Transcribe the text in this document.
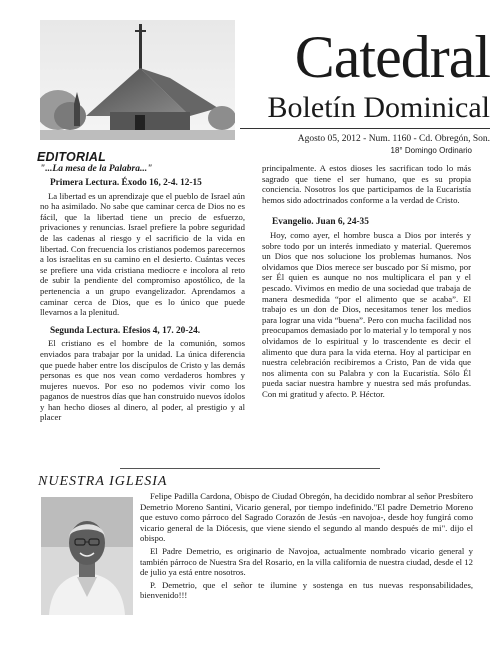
Catedral
Boletín Dominical
Agosto 05, 2012 - Num. 1160 - Cd. Obregón, Son.
18° Domingo Ordinario
EDITORIAL
"...La mesa de la Palabra..."
Primera Lectura. Éxodo 16, 2-4. 12-15

La libertad es un aprendizaje que el pueblo de Israel aún no ha asimilado. No sabe que caminar cerca de Dios no es fácil, que la libertad tiene un precio de esfuerzo, privaciones y renuncias. Israel prefiere la pobre seguridad de las cadenas al riesgo y el sacrificio de la vida en libertad. Con frecuencia los cristianos podemos parecernos a los israelitas en su camino en el desierto. Cuántas veces se prefiere una vida cristiana mediocre e incolora al reto de subir la pendiente del compromiso apostólico, de la pertenencia a un grupo evangelizador. Aprendamos a caminar cerca de Dios, que es lo único que puede llevarnos a la plenitud.

Segunda Lectura. Efesios 4, 17. 20-24.

El cristiano es el hombre de la comunión, somos enviados para trabajar por la unidad. La única diferencia que puede haber entre los discípulos de Cristo y las demás personas es que nos vean como verdaderos hombres y mujeres nuevos. Por eso no podemos vivir como los paganos de nuestros días que han construido nuevos ídolos y han hecho dioses al dinero, al poder, al prestigio y al placer

principalmente. A estos dioses les sacrifican todo lo más sagrado que tiene el ser humano, que es su propia conciencia. Nosotros los que participamos de la Eucaristía hemos sido adoctrinados conforme a la verdad de Cristo.

Evangelio. Juan 6, 24-35

Hoy, como ayer, el hombre busca a Dios por interés y sobre todo por un interés inmediato y material. Queremos un Dios que nos solucione los problemas humanos. Nos olvidamos que Dios merece ser buscado por Sí mismo, por ser Él quien es aunque no nos multiplicara el pan y el pescado. Vivimos en medio de una sociedad que trabaja de manera desmedida “por el alimento que se acaba”. El trabajo es un don de Dios, necesitamos tener los medios para lograr una vida “buena”. Pero con mucha facilidad nos preocupamos demasiado por lo material y lo temporal y nos olvidamos de lo espiritual y lo trascendente es decir el alimento que dura para la vida eterna. Hoy al participar en nuestra celebración recibiremos a Cristo, Pan de vida que nos alimenta con su Palabra y con la Eucaristía. Sólo Él pueda saciar nuestra hambre y nuestra sed más profundas. Con mi gratitud y afecto. P. Héctor.

NUESTRA IGLESIA

Felipe Padilla Cardona, Obispo de Ciudad Obregón, ha decidido nombrar al señor Presbítero Demetrio Moreno Santini, Vicario general, por tiempo indefinido."El padre Demetrio Moreno que estuvo como párroco del Sagrado Corazón de Jesús -en navojoa-, desde hoy fungirá como vicario general de la Diócesis, que viene siendo el segundo al mando después de mi". dijo el obispo.

El Padre Demetrio, es originario de Navojoa, actualmente nombrado vicario general y también párroco de Nuestra Sra del Rosario, en la villa california de nuestra ciudad, desde el 12 de julio ya está entre nosotros.

P. Demetrio, que el señor te ilumine y sostenga en tus nuevas responsabilidades, bienvenido!!!
